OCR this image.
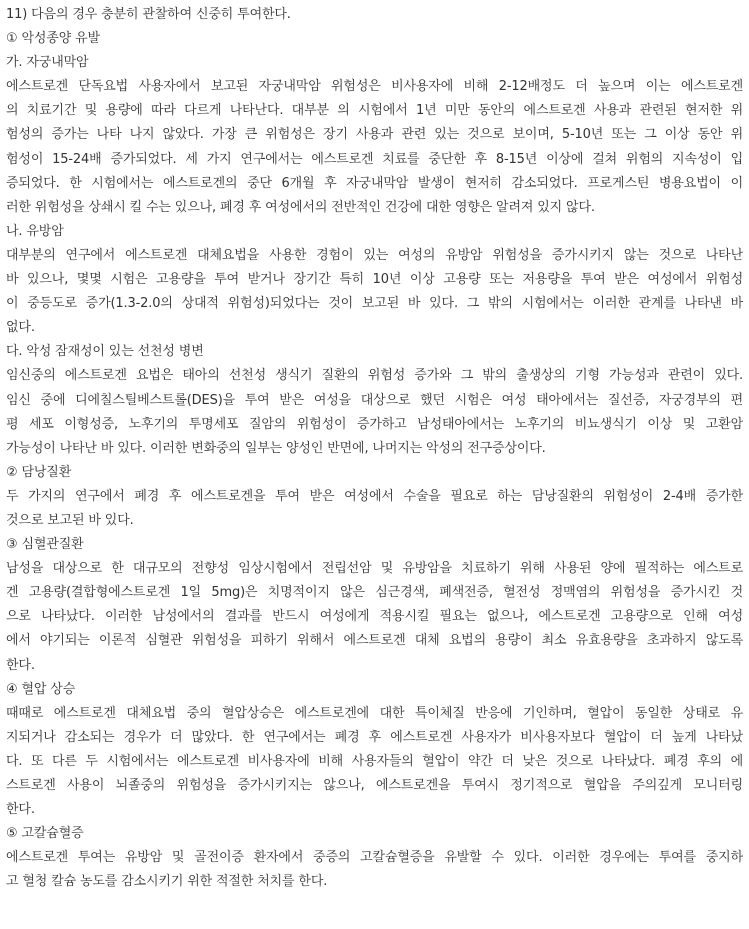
11) 다음의 경우 충분히 관찰하여 신중히 투여한다.
① 악성종양 유발
가. 자궁내막암
에스트로겐 단독요법 사용자에서 보고된 자궁내막암 위험성은 비사용자에 비해 2-12배정도 더 높으며 이는 에스트로겐
의 치료기간 및 용량에 따라 다르게 나타난다. 대부분 의 시험에서 1년 미만 동안의 에스트로겐 사용과 관련된 현저한 위
험성의 증가는 나타 나지 않았다. 가장 큰 위험성은 장기 사용과 관련 있는 것으로 보이며, 5-10년 또는 그 이상 동안 위
험성이 15-24배 증가되었다. 세 가지 연구에서는 에스트로겐 치료를 중단한 후 8-15년 이상에 걸쳐 위험의 지속성이 입
증되었다. 한 시험에서는 에스트로겐의 중단 6개월 후 자궁내막암 발생이 현저히 감소되었다. 프로게스틴 병용요법이 이
러한 위험성을 상쇄시 킬 수는 있으나, 폐경 후 여성에서의 전반적인 건강에 대한 영향은 알려져 있지 않다.
나. 유방암
대부분의 연구에서 에스트로겐 대체요법을 사용한 경험이 있는 여성의 유방암 위험성을 증가시키지 않는 것으로 나타난
바 있으나, 몇몇 시험은 고용량을 투여 받거나 장기간 특히 10년 이상 고용량 또는 저용량을 투여 받은 여성에서 위험성
이 중등도로 증가(1.3-2.0의 상대적 위험성)되었다는 것이 보고된 바 있다. 그 밖의 시험에서는 이러한 관계를 나타낸 바
없다.
다. 악성 잠재성이 있는 선천성 병변
임신중의 에스트로겐 요법은 태아의 선천성 생식기 질환의 위험성 증가와 그 밖의 출생상의 기형 가능성과 관련이 있다.
임신 중에 디에칠스틸베스트롤(DES)을 투여 받은 여성을 대상으로 했던 시험은 여성 태아에서는 질선증, 자궁경부의 편
평 세포 이형성증, 노후기의 투명세포 질암의 위험성이 증가하고 남성태아에서는 노후기의 비뇨생식기 이상 및 고환암
가능성이 나타난 바 있다. 이러한 변화중의 일부는 양성인 반면에, 나머지는 악성의 전구증상이다.
② 담낭질환
두 가지의 연구에서 폐경 후 에스트로겐을 투여 받은 여성에서 수술을 필요로 하는 담낭질환의 위험성이 2-4배 증가한
것으로 보고된 바 있다.
③ 심혈관질환
남성을 대상으로 한 대규모의 전향성 임상시험에서 전립선암 및 유방암을 치료하기 위해 사용된 양에 필적하는 에스트로
겐 고용량(결합형에스트로겐 1일 5mg)은 치명적이지 않은 심근경색, 폐색전증, 혈전성 정맥염의 위험성을 증가시킨 것
으로 나타났다. 이러한 남성에서의 결과를 반드시 여성에게 적용시킬 필요는 없으나, 에스트로겐 고용량으로 인해 여성
에서 야기되는 이론적 심혈관 위험성을 피하기 위해서 에스트로겐 대체 요법의 용량이 최소 유효용량을 초과하지 않도록
한다.
④ 혈압 상승
때때로 에스트로겐 대체요법 중의 혈압상승은 에스트로겐에 대한 특이체질 반응에 기인하며, 혈압이 동일한 상태로 유
지되거나 감소되는 경우가 더 많았다. 한 연구에서는 폐경 후 에스트로겐 사용자가 비사용자보다 혈압이 더 높게 나타났
다. 또 다른 두 시험에서는 에스트로겐 비사용자에 비해 사용자들의 혈압이 약간 더 낮은 것으로 나타났다. 폐경 후의 에
스트로겐 사용이 뇌졸중의 위험성을 증가시키지는 않으나, 에스트로겐을 투여시 정기적으로 혈압을 주의깊게 모니터링
한다.
⑤ 고칼슘혈증
에스트로겐 투여는 유방암 및 골전이증 환자에서 중증의 고칼슘혈증을 유발할 수 있다. 이러한 경우에는 투여를 중지하
고 혈청 칼슘 농도를 감소시키기 위한 적절한 처치를 한다.
